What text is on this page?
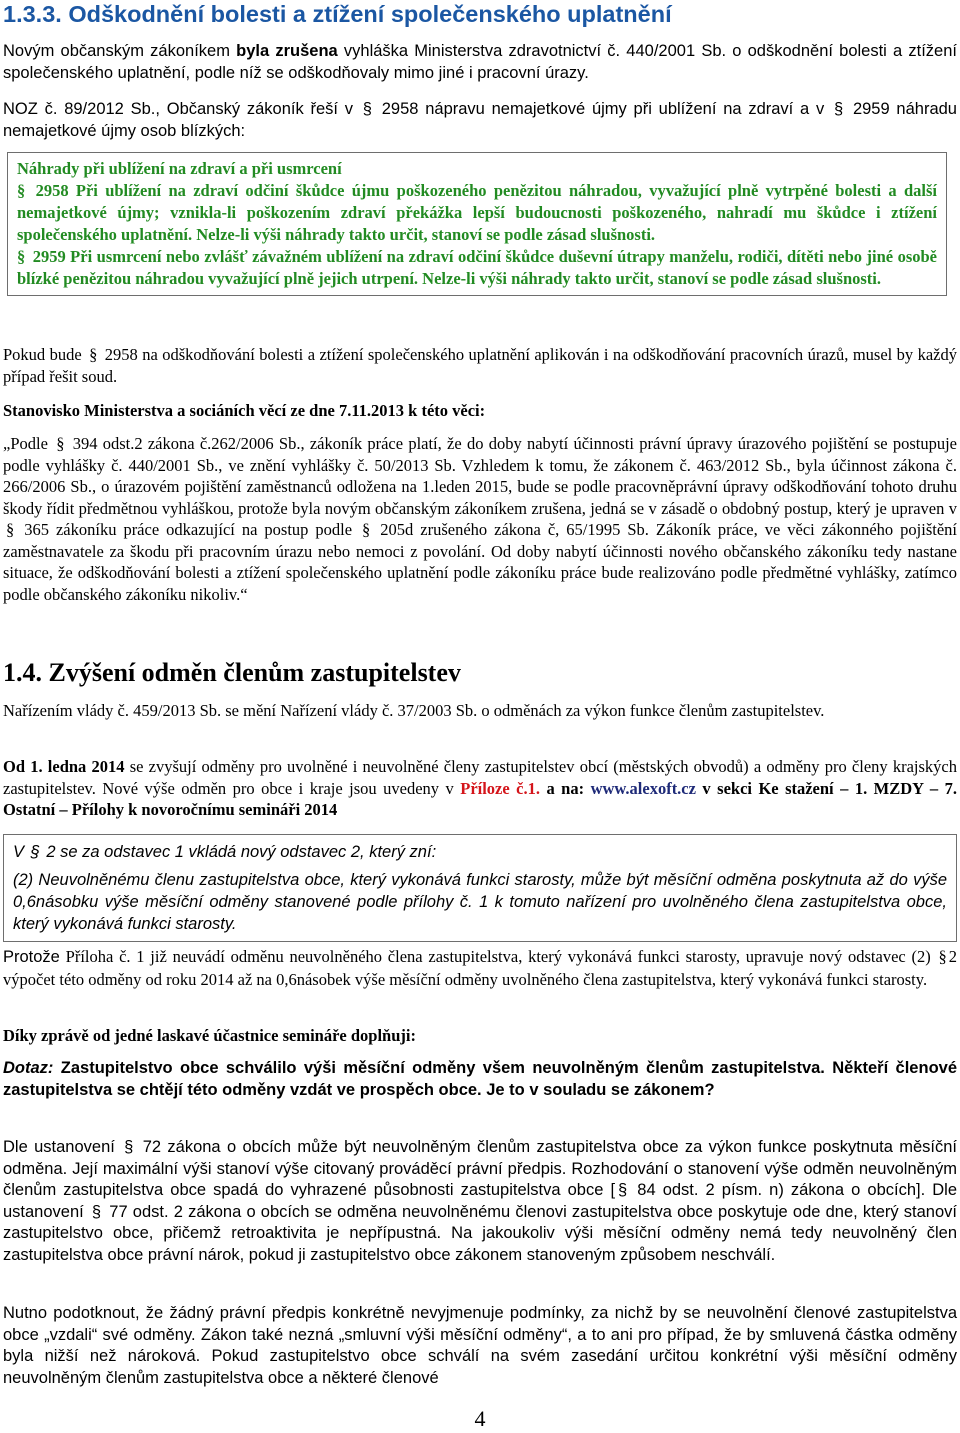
1.3.3. Odškodnění bolesti a ztížení společenského uplatnění

Novým občanským zákoníkem byla zrušena vyhláška Ministerstva zdravotnictví č. 440/2001 Sb. o odškodnění bolesti a ztížení společenského uplatnění, podle níž se odškodňovaly mimo jiné i pracovní úrazy.

NOZ č. 89/2012 Sb., Občanský zákoník řeší v § 2958 nápravu nemajetkové újmy při ublížení na zdraví a v § 2959 náhradu nemajetkové újmy osob blízkých:

Náhrady při ublížení na zdraví a při usmrcení

§ 2958 Při ublížení na zdraví odčiní škůdce újmu poškozeného penězitou náhradou, vyvažující plně vytrpěné bolesti a další nemajetkové újmy; vznikla-li poškozením zdraví překážka lepší budoucnosti poškozeného, nahradí mu škůdce i ztížení společenského uplatnění. Nelze-li výši náhrady takto určit, stanoví se podle zásad slušnosti.

§ 2959 Při usmrcení nebo zvlášť závažném ublížení na zdraví odčiní škůdce duševní útrapy manželu, rodiči, dítěti nebo jiné osobě blízké penězitou náhradou vyvažující plně jejich utrpení. Nelze-li výši náhrady takto určit, stanoví se podle zásad slušnosti.

Pokud bude § 2958 na odškodňování bolesti a ztížení společenského uplatnění aplikován i na odškodňování pracovních úrazů, musel by každý případ řešit soud.

Stanovisko Ministerstva a sociáních věcí ze dne 7.11.2013 k této věci:

„Podle § 394 odst.2 zákona č.262/2006 Sb., zákoník práce platí, že do doby nabytí účinnosti právní úpravy úrazového pojištění se postupuje podle vyhlášky č. 440/2001 Sb., ve znění vyhlášky č. 50/2013 Sb. Vzhledem k tomu, že zákonem č. 463/2012 Sb., byla účinnost zákona č. 266/2006 Sb., o úrazovém pojištění zaměstnanců odložena na 1.leden 2015, bude se podle pracovněprávní úpravy odškodňování tohoto druhu škody řídit předmětnou vyhláškou, protože byla novým občanským zákoníkem zrušena, jedná se v zásadě o obdobný postup, který je upraven v § 365 zákoníku práce odkazující na postup podle § 205d zrušeného zákona č, 65/1995 Sb. Zákoník práce, ve věci zákonného pojištění zaměstnavatele za škodu při pracovním úrazu nebo nemoci z povolání. Od doby nabytí účinnosti nového občanského zákoníku tedy nastane situace, že odškodňování bolesti a ztížení společenského uplatnění podle zákoníku práce bude realizováno podle předmětné vyhlášky, zatímco podle občanského zákoníku nikoliv.“

1.4. Zvýšení odměn členům zastupitelstev

Nařízením vlády č. 459/2013 Sb. se mění Nařízení vlády č. 37/2003 Sb. o odměnách za výkon funkce členům zastupitelstev.

Od 1. ledna 2014 se zvyšují odměny pro uvolněné i neuvolněné členy zastupitelstev obcí (městských obvodů) a odměny pro členy krajských zastupitelstev. Nové výše odměn pro obce i kraje jsou uvedeny v Příloze č.1. a na: www.alexoft.cz v sekci Ke stažení – 1. MZDY – 7. Ostatní – Přílohy k novoročnímu semináři 2014

V § 2 se za odstavec 1 vkládá nový odstavec 2, který zní:

(2) Neuvolněnému členu zastupitelstva obce, který vykonává funkci starosty, může být měsíční odměna poskytnuta až do výše 0,6násobku výše měsíční odměny stanovené podle přílohy č. 1 k tomuto nařízení pro uvolněného člena zastupitelstva obce, který vykonává funkci starosty.

Protože Příloha č. 1 již neuvádí odměnu neuvolněného člena zastupitelstva, který vykonává funkci starosty, upravuje nový odstavec (2) § 2 výpočet této odměny od roku 2014 až na 0,6násobek výše měsíční odměny uvolněného člena zastupitelstva, který vykonává funkci starosty.

Díky zprávě od jedné laskavé účastnice semináře doplňuji:

Dotaz: Zastupitelstvo obce schválilo výši měsíční odměny všem neuvolněným členům zastupitelstva. Někteří členové zastupitelstva se chtějí této odměny vzdát ve prospěch obce. Je to v souladu se zákonem?

Dle ustanovení § 72 zákona o obcích může být neuvolněným členům zastupitelstva obce za výkon funkce poskytnuta měsíční odměna. Její maximální výši stanoví výše citovaný prováděcí právní předpis. Rozhodování o stanovení výše odměn neuvolněným členům zastupitelstva obce spadá do vyhrazené působnosti zastupitelstva obce [ § 84 odst. 2 písm. n) zákona o obcích]. Dle ustanovení § 77 odst. 2 zákona o obcích se odměna neuvolněnému členovi zastupitelstva obce poskytuje ode dne, který stanoví zastupitelstvo obce, přičemž retroaktivita je nepřípustná. Na jakoukoliv výši měsíční odměny nemá tedy neuvolněný člen zastupitelstva obce právní nárok, pokud ji zastupitelstvo obce zákonem stanoveným způsobem neschválí.

Nutno podotknout, že žádný právní předpis konkrétně nevyjmenuje podmínky, za nichž by se neuvolnění členové zastupitelstva obce „vzdali“ své odměny. Zákon také nezná „smluvní výši měsíční odměny“, a to ani pro případ, že by smluvená částka odměny byla nižší než nároková. Pokud zastupitelstvo obce schválí na svém zasedání určitou konkrétní výši měsíční odměny neuvolněným členům zastupitelstva obce a některé členové

4
